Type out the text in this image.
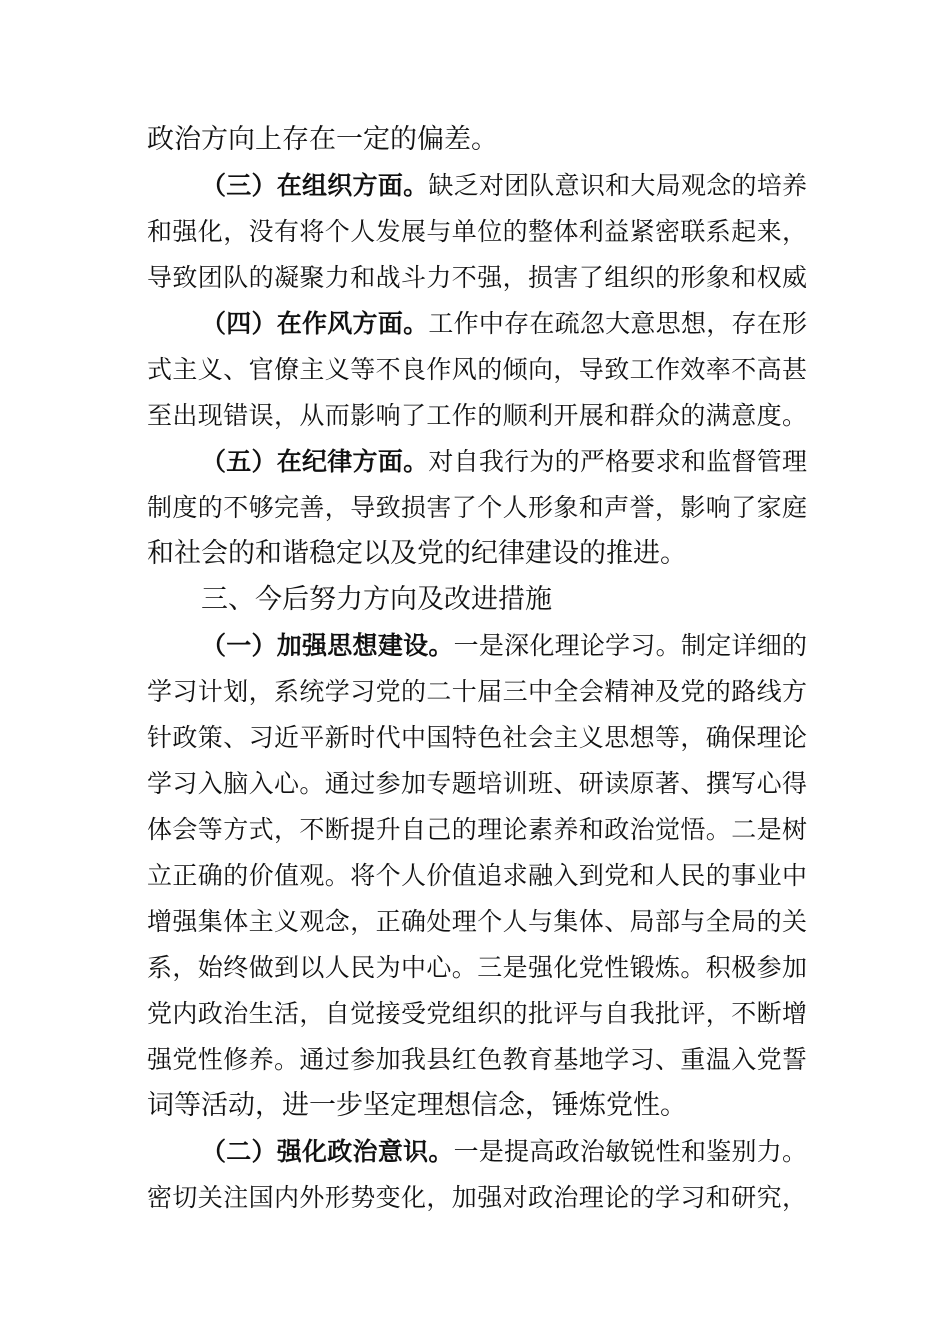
政治方向上存在一定的偏差。
（三）在组织方面。缺乏对团队意识和大局观念的培养
和强化，没有将个人发展与单位的整体利益紧密联系起来，
导致团队的凝聚力和战斗力不强，损害了组织的形象和权威
（四）在作风方面。工作中存在疏忽大意思想，存在形
式主义、官僚主义等不良作风的倾向，导致工作效率不高甚
至出现错误，从而影响了工作的顺利开展和群众的满意度。
（五）在纪律方面。对自我行为的严格要求和监督管理
制度的不够完善，导致损害了个人形象和声誉，影响了家庭
和社会的和谐稳定以及党的纪律建设的推进。
三、今后努力方向及改进措施
（一）加强思想建设。一是深化理论学习。制定详细的
学习计划，系统学习党的二十届三中全会精神及党的路线方
针政策、习近平新时代中国特色社会主义思想等，确保理论
学习入脑入心。通过参加专题培训班、研读原著、撰写心得
体会等方式，不断提升自己的理论素养和政治觉悟。二是树
立正确的价值观。将个人价值追求融入到党和人民的事业中
增强集体主义观念，正确处理个人与集体、局部与全局的关
系，始终做到以人民为中心。三是强化党性锻炼。积极参加
党内政治生活，自觉接受党组织的批评与自我批评，不断增
强党性修养。通过参加我县红色教育基地学习、重温入党誓
词等活动，进一步坚定理想信念，锤炼党性。
（二）强化政治意识。一是提高政治敏锐性和鉴别力。
密切关注国内外形势变化，加强对政治理论的学习和研究，
